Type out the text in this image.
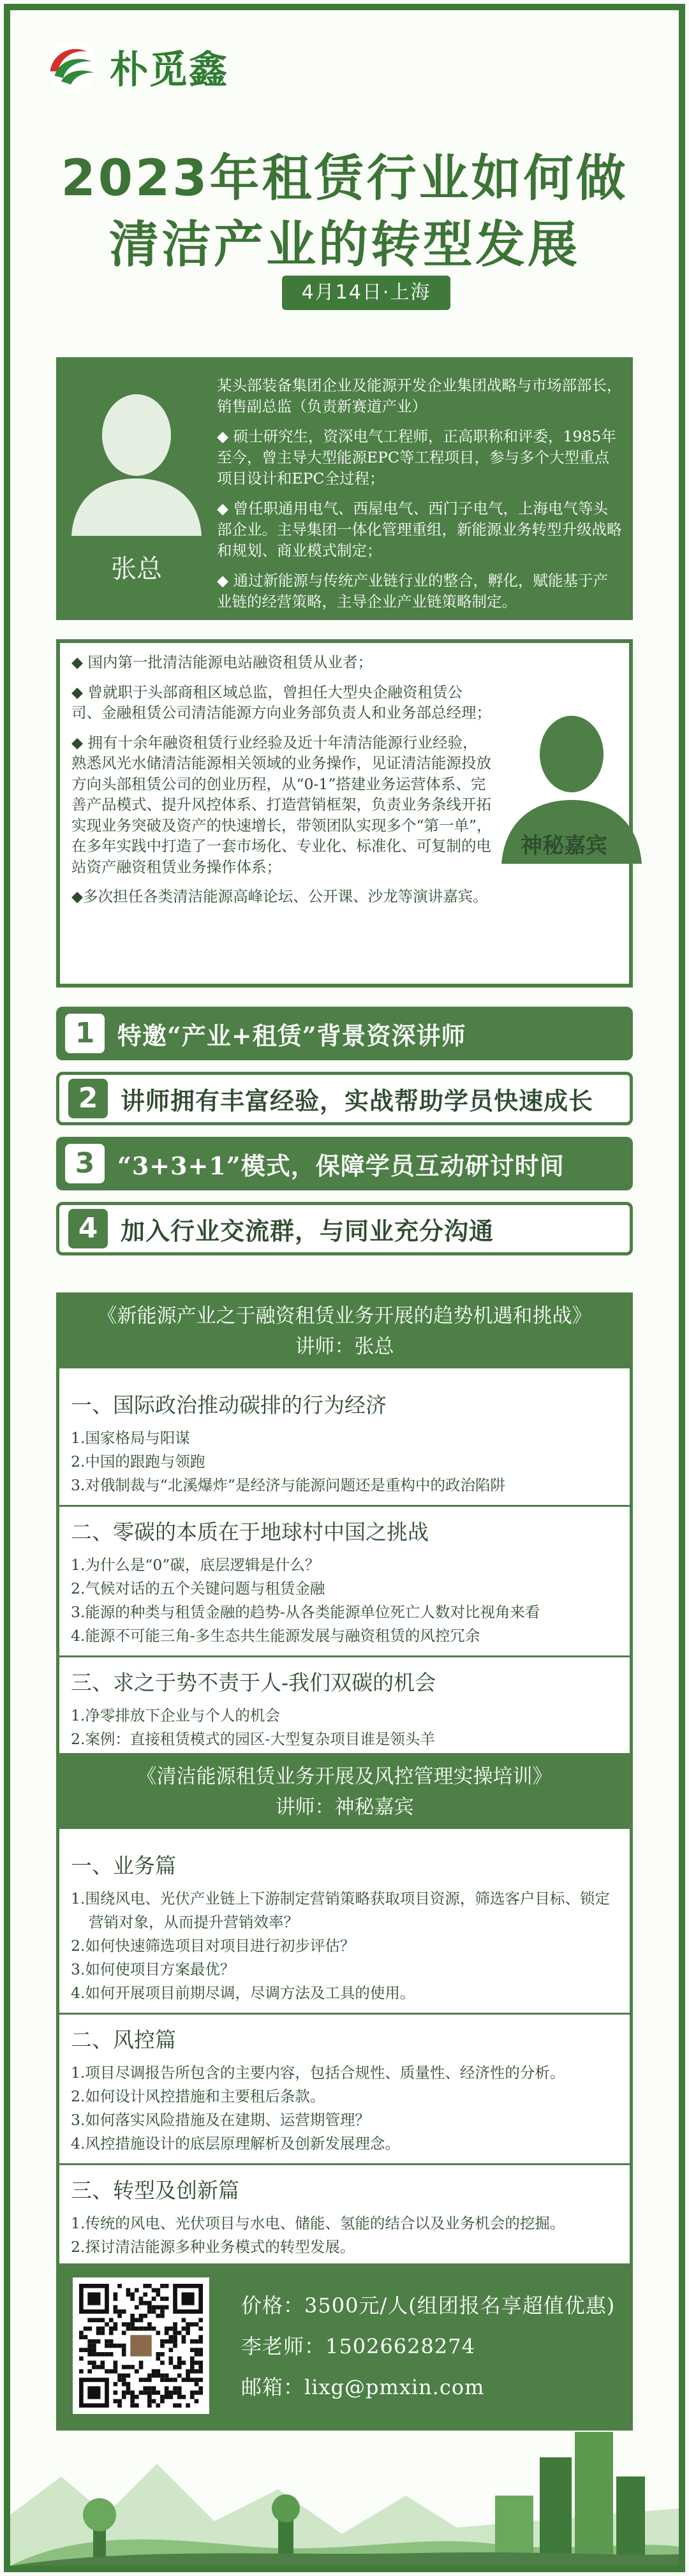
朴觅鑫
2023年租赁行业如何做
清洁产业的转型发展
4月14日·上海
张总

某头部装备集团企业及能源开发企业集团战略与市场部部长，销售副总监（负责新赛道产业）

◆ 硕士研究生，资深电气工程师，正高职称和评委，1985年至今，曾主导大型能源EPC等工程项目，参与多个大型重点项目设计和EPC全过程；

◆ 曾任职通用电气、西屋电气、西门子电气，上海电气等头部企业。主导集团一体化管理重组，新能源业务转型升级战略和规划、商业模式制定；

◆ 通过新能源与传统产业链行业的整合，孵化，赋能基于产业链的经营策略，主导企业产业链策略制定。

◆ 国内第一批清洁能源电站融资租赁从业者；

◆ 曾就职于头部商租区域总监，曾担任大型央企融资租赁公司、金融租赁公司清洁能源方向业务部负责人和业务部总经理；

◆ 拥有十余年融资租赁行业经验及近十年清洁能源行业经验，熟悉风光水储清洁能源相关领域的业务操作，见证清洁能源投放方向头部租赁公司的创业历程，从“0-1”搭建业务运营体系、完善产品模式、提升风控体系、打造营销框架，负责业务条线开拓实现业务突破及资产的快速增长，带领团队实现多个“第一单”，在多年实践中打造了一套市场化、专业化、标准化、可复制的电站资产融资租赁业务操作体系；

◆多次担任各类清洁能源高峰论坛、公开课、沙龙等演讲嘉宾。

神秘嘉宾
1 特邀“产业+租赁”背景资深讲师
2 讲师拥有丰富经验，实战帮助学员快速成长
3 “3+3+1”模式，保障学员互动研讨时间
4 加入行业交流群，与同业充分沟通
《新能源产业之于融资租赁业务开展的趋势机遇和挑战》
讲师：张总
一、国际政治推动碳排的行为经济
1.国家格局与阳谋
2.中国的跟跑与领跑
3.对俄制裁与“北溪爆炸”是经济与能源问题还是重构中的政治陷阱
二、零碳的本质在于地球村中国之挑战
1.为什么是“0”碳，底层逻辑是什么？
2.气候对话的五个关键问题与租赁金融
3.能源的种类与租赁金融的趋势-从各类能源单位死亡人数对比视角来看
4.能源不可能三角-多生态共生能源发展与融资租赁的风控冗余
三、求之于势不责于人-我们双碳的机会
1.净零排放下企业与个人的机会
2.案例：直接租赁模式的园区-大型复杂项目谁是领头羊
《清洁能源租赁业务开展及风控管理实操培训》
讲师：神秘嘉宾
一、业务篇
1.围绕风电、光伏产业链上下游制定营销策略获取项目资源，筛选客户目标、锁定营销对象，从而提升营销效率？
2.如何快速筛选项目对项目进行初步评估？
3.如何使项目方案最优？
4.如何开展项目前期尽调，尽调方法及工具的使用。
二、风控篇
1.项目尽调报告所包含的主要内容，包括合规性、质量性、经济性的分析。
2.如何设计风控措施和主要租后条款。
3.如何落实风险措施及在建期、运营期管理？
4.风控措施设计的底层原理解析及创新发展理念。
三、转型及创新篇
1.传统的风电、光伏项目与水电、储能、氢能的结合以及业务机会的挖掘。
2.探讨清洁能源多种业务模式的转型发展。
价格：3500元/人(组团报名享超值优惠)
李老师：15026628274
邮箱：lixg@pmxin.com
